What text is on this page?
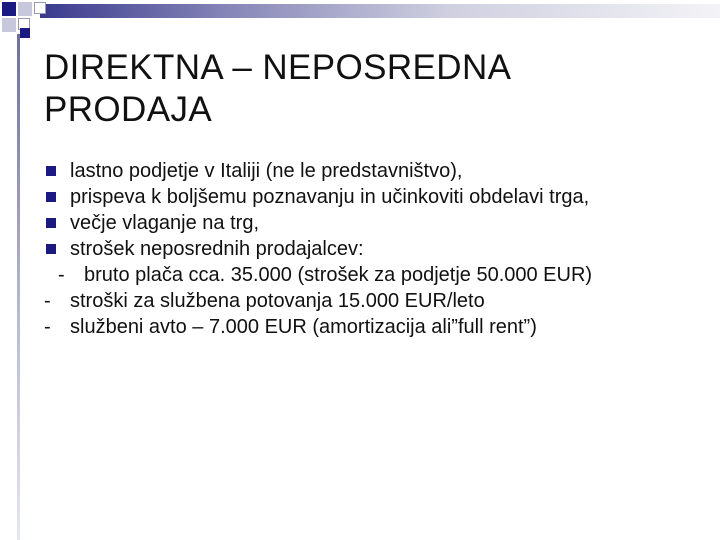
DIREKTNA – NEPOSREDNA PRODAJA
lastno podjetje v Italiji (ne le predstavništvo),
prispeva k boljšemu poznavanju in učinkoviti obdelavi trga,
večje vlaganje na trg,
strošek neposrednih prodajalcev:
- bruto plača cca. 35.000 (strošek za podjetje 50.000 EUR)
- stroški za službena potovanja 15.000 EUR/leto
- službeni avto – 7.000 EUR (amortizacija ali”full rent”)
